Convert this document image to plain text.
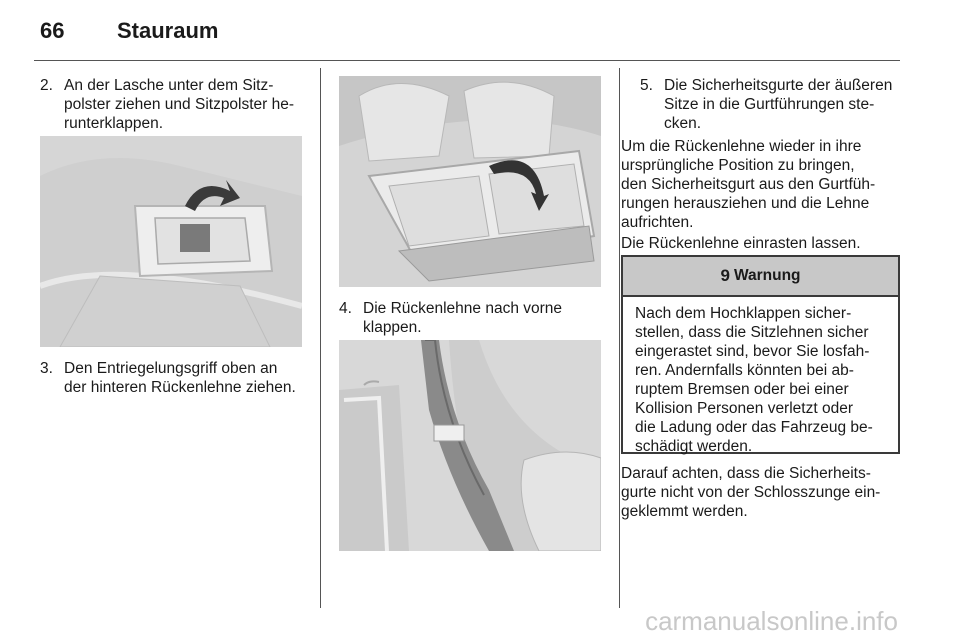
66 Stauraum
2. An der Lasche unter dem Sitz-
polster ziehen und Sitzpolster he-
runterklappen.
3. Den Entriegelungsgriff oben an
der hinteren Rückenlehne ziehen.
4. Die Rückenlehne nach vorne
klappen.
5. Die Sicherheitsgurte der äußeren
Sitze in die Gurtführungen ste-
cken.
Um die Rückenlehne wieder in ihre
ursprüngliche Position zu bringen,
den Sicherheitsgurt aus den Gurtfüh-
rungen herausziehen und die Lehne
aufrichten.
Die Rückenlehne einrasten lassen.
9 Warnung
Nach dem Hochklappen sicher-
stellen, dass die Sitzlehnen sicher
eingerastet sind, bevor Sie losfah-
ren. Andernfalls könnten bei ab-
ruptem Bremsen oder bei einer
Kollision Personen verletzt oder
die Ladung oder das Fahrzeug be-
schädigt werden.
Darauf achten, dass die Sicherheits-
gurte nicht von der Schlosszunge ein-
geklemmt werden.
carmanualsonline.info
